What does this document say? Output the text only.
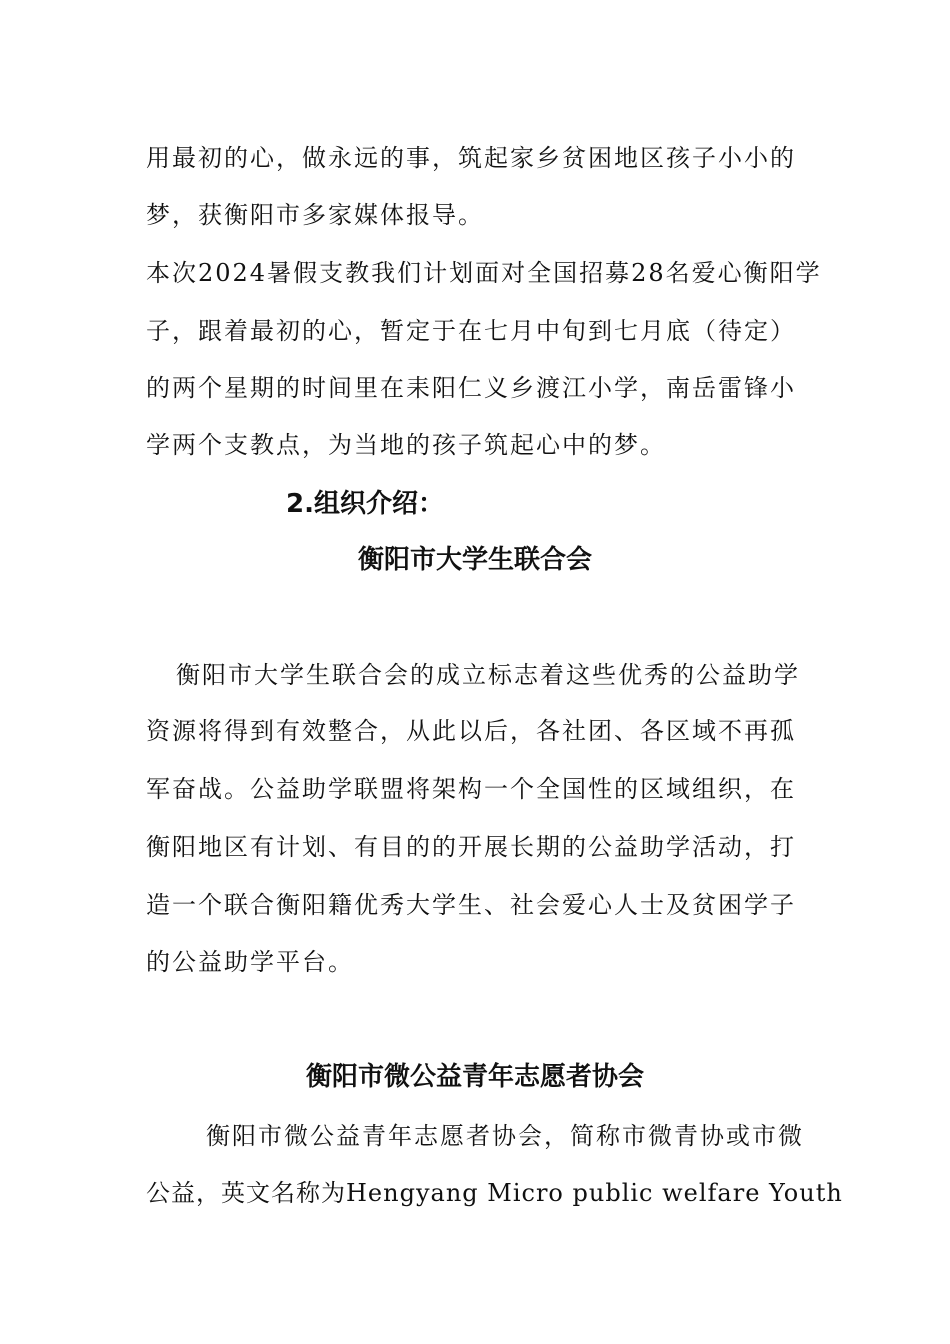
用最初的心，做永远的事，筑起家乡贫困地区孩子小小的
梦，获衡阳市多家媒体报导。
本次2024暑假支教我们计划面对全国招募28名爱心衡阳学
子，跟着最初的心，暂定于在七月中旬到七月底（待定）
的两个星期的时间里在耒阳仁义乡渡江小学，南岳雷锋小
学两个支教点，为当地的孩子筑起心中的梦。
2.组织介绍：
衡阳市大学生联合会
衡阳市大学生联合会的成立标志着这些优秀的公益助学
资源将得到有效整合，从此以后，各社团、各区域不再孤
军奋战。公益助学联盟将架构一个全国性的区域组织，在
衡阳地区有计划、有目的的开展长期的公益助学活动，打
造一个联合衡阳籍优秀大学生、社会爱心人士及贫困学子
的公益助学平台。
衡阳市微公益青年志愿者协会
衡阳市微公益青年志愿者协会，简称市微青协或市微
公益，英文名称为Hengyang Micro public welfare Youth
